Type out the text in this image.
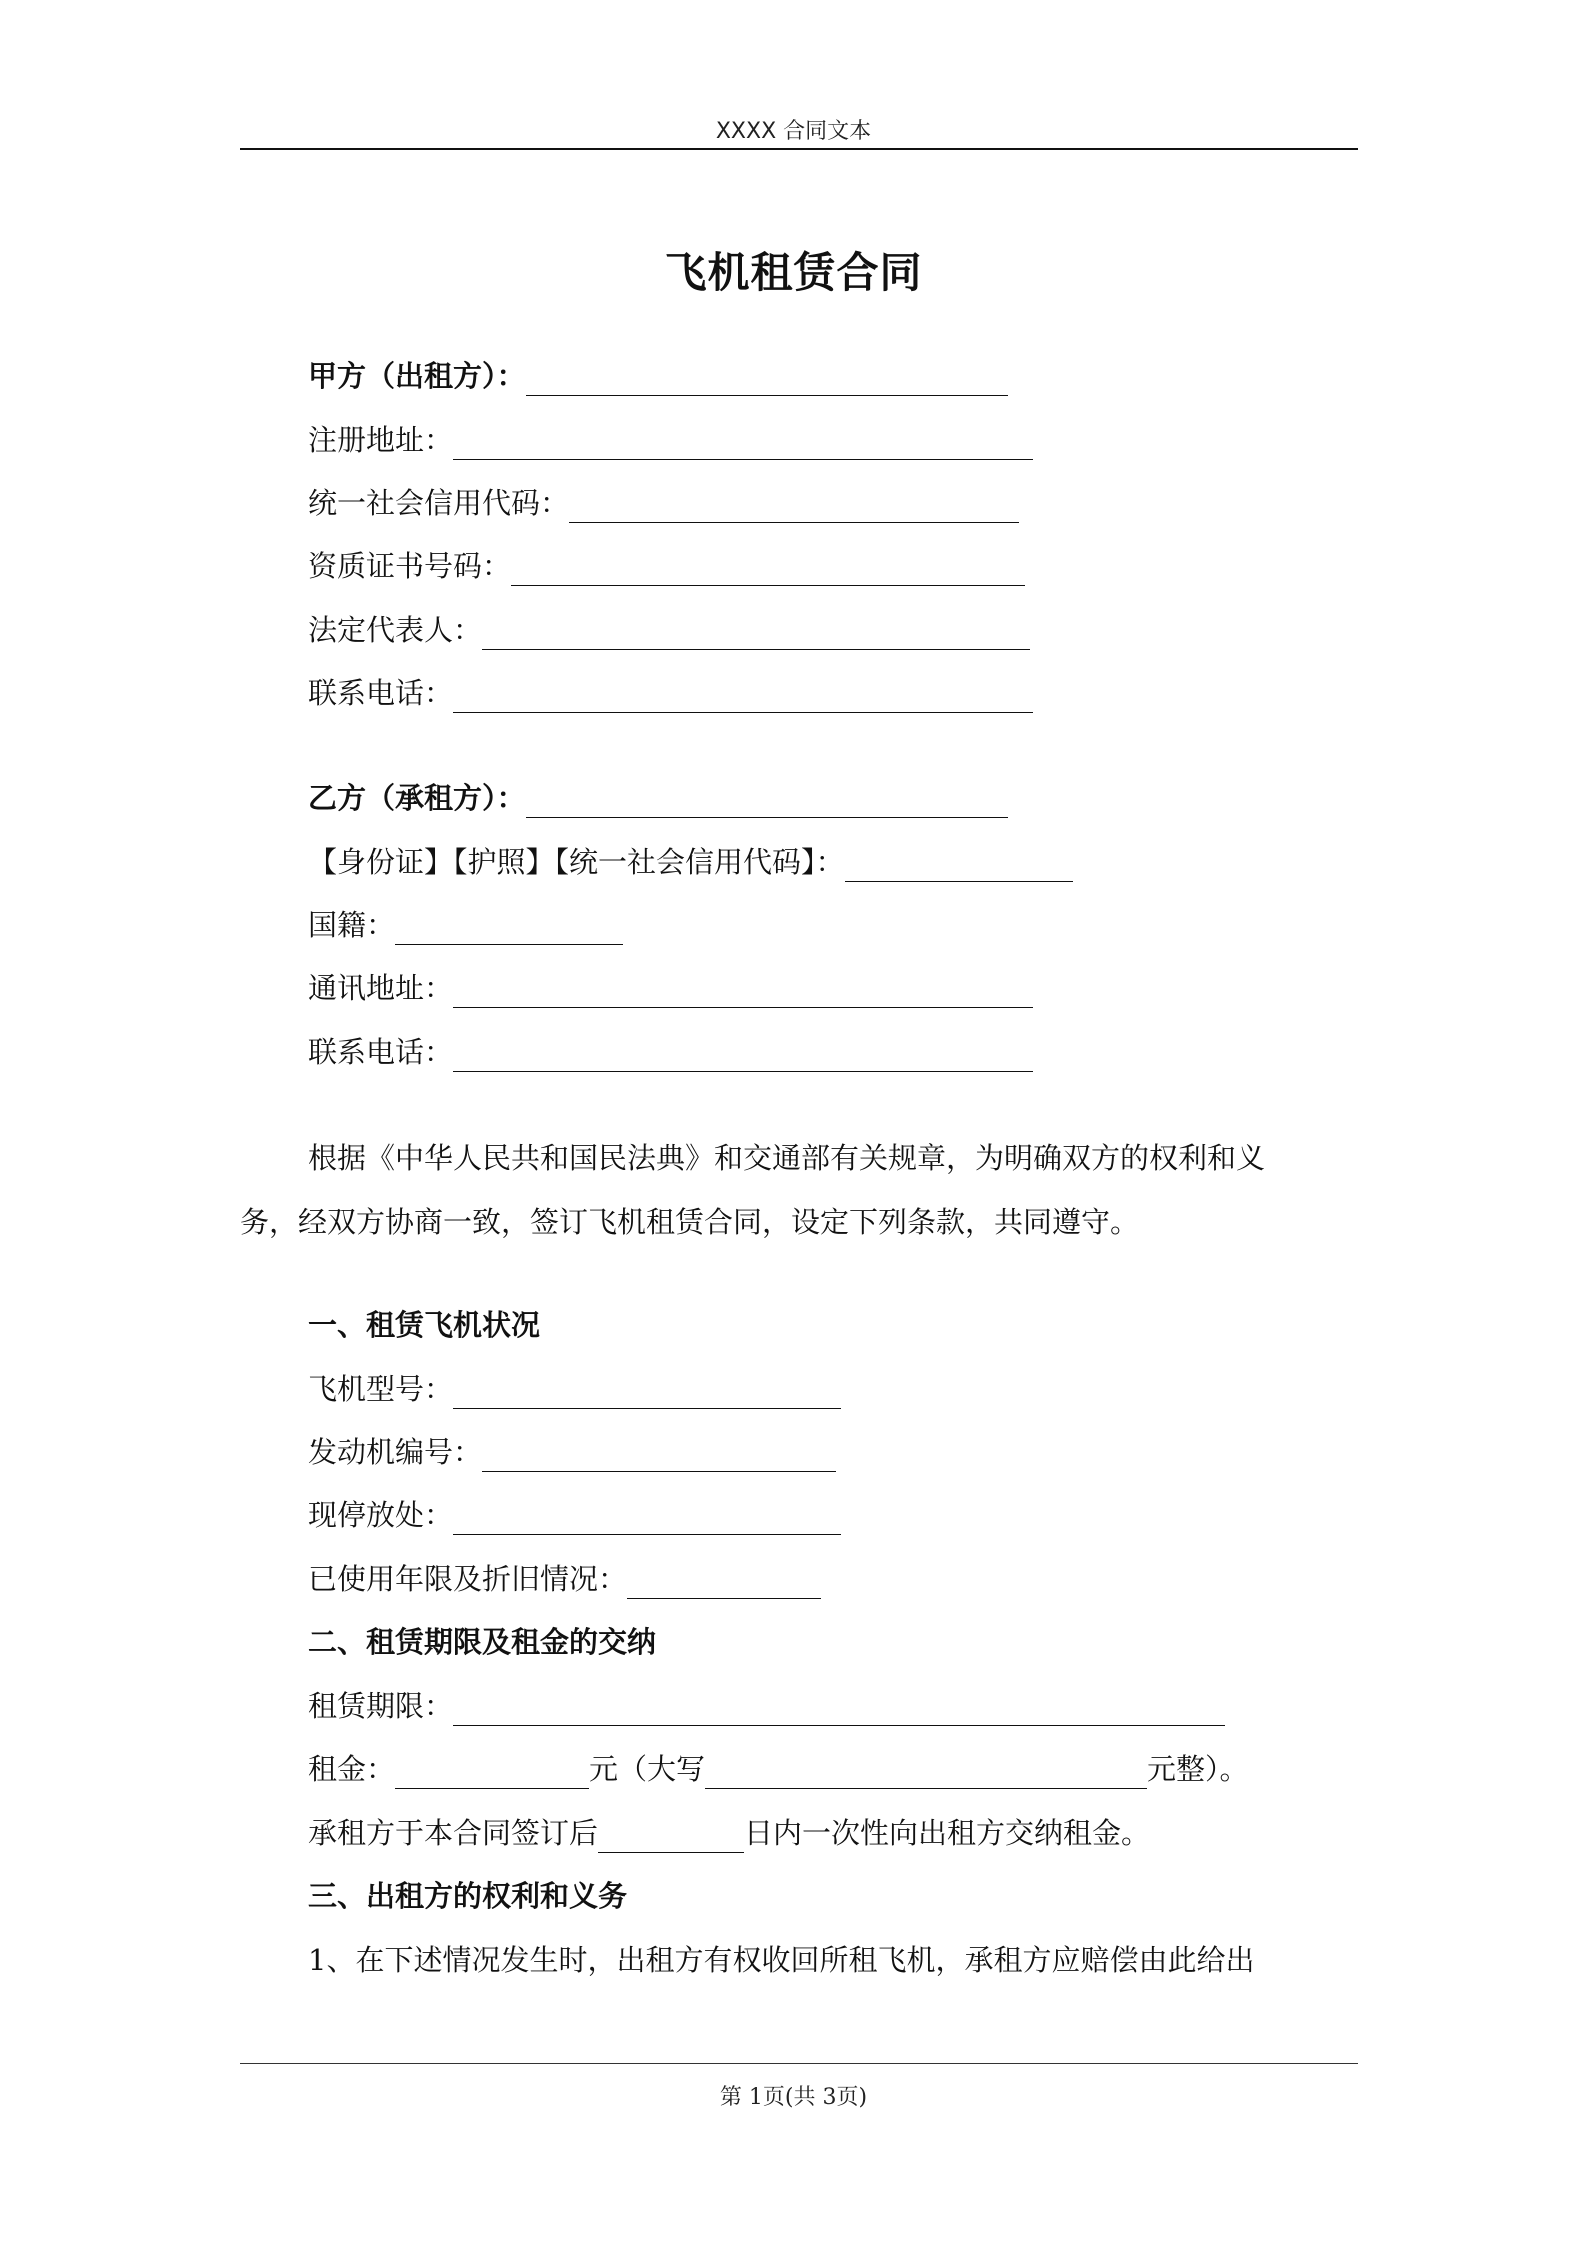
XXXX 合同文本
飞机租赁合同
甲方（出租方）：
注册地址：
统一社会信用代码：
资质证书号码：
法定代表人：
联系电话：
乙方（承租方）：
【身份证】【护照】【统一社会信用代码】：
国籍：
通讯地址：
联系电话：
根据《中华人民共和国民法典》和交通部有关规章，为明确双方的权利和义
务，经双方协商一致，签订飞机租赁合同，设定下列条款，共同遵守。
一、租赁飞机状况
飞机型号：
发动机编号：
现停放处：
已使用年限及折旧情况：
二、租赁期限及租金的交纳
租赁期限：
租金：	元（大写	元整）。
承租方于本合同签订后	日内一次性向出租方交纳租金。
三、出租方的权利和义务
1、在下述情况发生时，出租方有权收回所租飞机，承租方应赔偿由此给出
第 1页(共 3页)
